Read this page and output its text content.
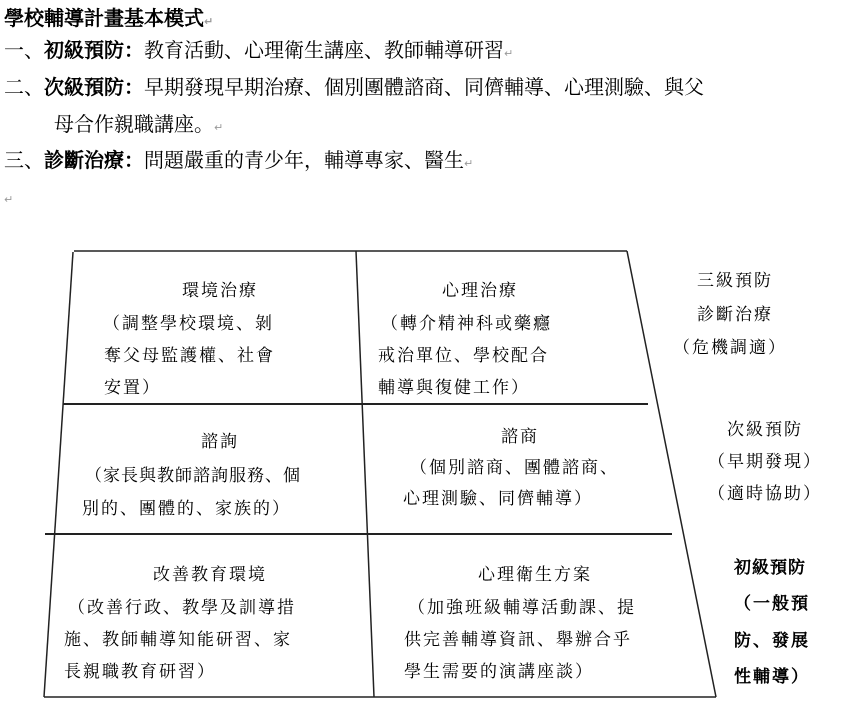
學校輔導計畫基本模式↵
一、初級預防：教育活動、心理衛生講座、教師輔導研習↵
二、次級預防：早期發現早期治療、個別團體諮商、同儕輔導、心理測驗、與父
母合作親職講座。↵
三、診斷治療：問題嚴重的青少年，輔導專家、醫生↵
↵
環境治療
（調整學校環境、剝
奪父母監護權、社會
安置）
心理治療
（轉介精神科或藥癮
戒治單位、學校配合
輔導與復健工作）
諮詢
（家長與教師諮詢服務、個
別的、團體的、家族的）
諮商
（個別諮商、團體諮商、
心理測驗、同儕輔導）
改善教育環境
（改善行政、教學及訓導措
施、教師輔導知能研習、家
長親職教育研習）
心理衛生方案
（加強班級輔導活動課、提
供完善輔導資訊、舉辦合乎
學生需要的演講座談）
三級預防
診斷治療
（危機調適）
次級預防
（早期發現）
（適時協助）
初級預防
（一般預
防、發展
性輔導）
